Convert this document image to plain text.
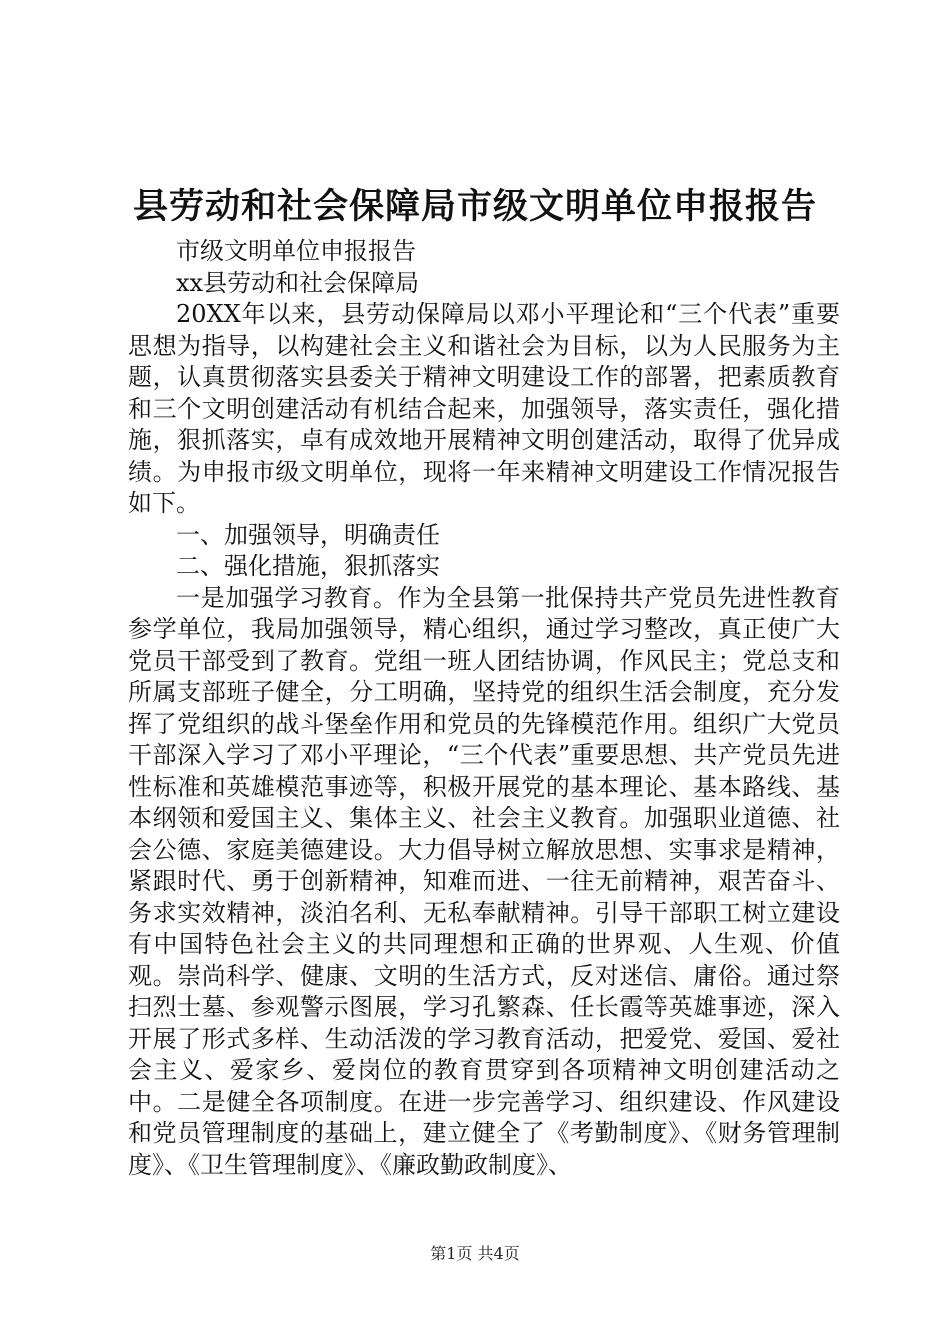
县劳动和社会保障局市级文明单位申报报告

市级文明单位申报报告

xx县劳动和社会保障局

20XX年以来，县劳动保障局以邓小平理论和“三个代表”重要思想为指导，以构建社会主义和谐社会为目标，以为人民服务为主题，认真贯彻落实县委关于精神文明建设工作的部署，把素质教育和三个文明创建活动有机结合起来，加强领导，落实责任，强化措施，狠抓落实，卓有成效地开展精神文明创建活动，取得了优异成绩。为申报市级文明单位，现将一年来精神文明建设工作情况报告如下。

一、加强领导，明确责任

二、强化措施，狠抓落实

一是加强学习教育。作为全县第一批保持共产党员先进性教育参学单位，我局加强领导，精心组织，通过学习整改，真正使广大党员干部受到了教育。党组一班人团结协调，作风民主；党总支和所属支部班子健全，分工明确，坚持党的组织生活会制度，充分发挥了党组织的战斗堡垒作用和党员的先锋模范作用。组织广大党员干部深入学习了邓小平理论，“三个代表”重要思想、共产党员先进性标准和英雄模范事迹等，积极开展党的基本理论、基本路线、基本纲领和爱国主义、集体主义、社会主义教育。加强职业道德、社会公德、家庭美德建设。大力倡导树立解放思想、实事求是精神，紧跟时代、勇于创新精神，知难而进、一往无前精神，艰苦奋斗、务求实效精神，淡泊名利、无私奉献精神。引导干部职工树立建设有中国特色社会主义的共同理想和正确的世界观、人生观、价值观。崇尚科学、健康、文明的生活方式，反对迷信、庸俗。通过祭扫烈士墓、参观警示图展，学习孔繁森、任长霞等英雄事迹，深入开展了形式多样、生动活泼的学习教育活动，把爱党、爱国、爱社会主义、爱家乡、爱岗位的教育贯穿到各项精神文明创建活动之中。二是健全各项制度。在进一步完善学习、组织建设、作风建设和党员管理制度的基础上，建立健全了《考勤制度》、《财务管理制度》、《卫生管理制度》、《廉政勤政制度》、

第1页 共4页
